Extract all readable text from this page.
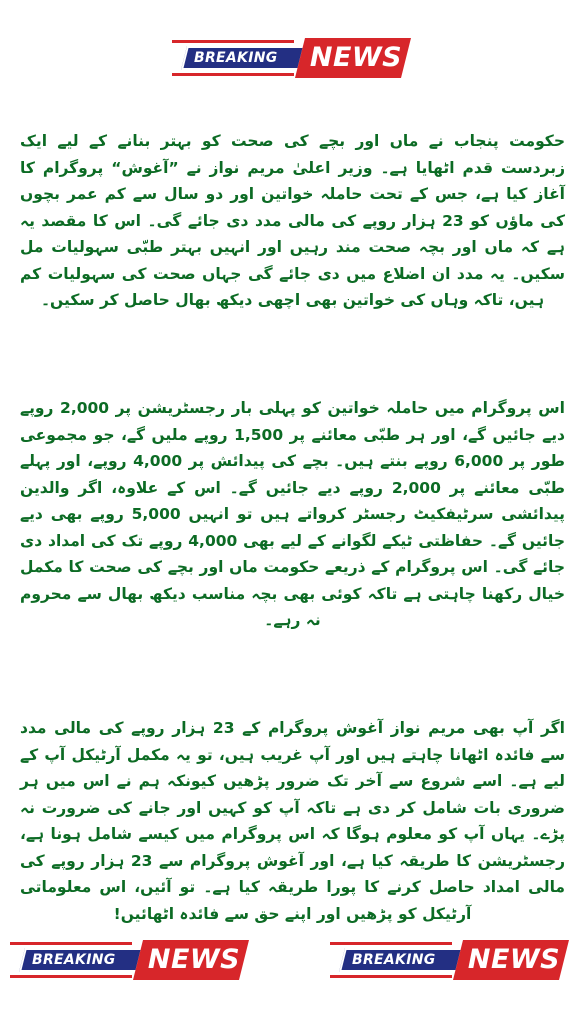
BREAKING	NEWS

حکومت پنجاب نے ماں اور بچے کی صحت کو بہتر بنانے کے لیے ایک زبردست قدم اٹھایا ہے۔ وزیر اعلیٰ مریم نواز نے ”آغوش“ پروگرام کا آغاز کیا ہے، جس کے تحت حاملہ خواتین اور دو سال سے کم عمر بچوں کی ماؤں کو 23 ہزار روپے کی مالی مدد دی جائے گی۔ اس کا مقصد یہ ہے کہ ماں اور بچہ صحت مند رہیں اور انہیں بہتر طبّی سہولیات مل سکیں۔ یہ مدد ان اضلاع میں دی جائے گی جہاں صحت کی سہولیات کم ہیں، تاکہ وہاں کی خواتین بھی اچھی دیکھ بھال حاصل کر سکیں۔

اس پروگرام میں حاملہ خواتین کو پہلی بار رجسٹریشن پر 2,000 روپے دیے جائیں گے، اور ہر طبّی معائنے پر 1,500 روپے ملیں گے، جو مجموعی طور پر 6,000 روپے بنتے ہیں۔ بچے کی پیدائش پر 4,000 روپے، اور پہلے طبّی معائنے پر 2,000 روپے دیے جائیں گے۔ اس کے علاوہ، اگر والدین پیدائشی سرٹیفکیٹ رجسٹر کرواتے ہیں تو انہیں 5,000 روپے بھی دیے جائیں گے۔ حفاظتی ٹیکے لگوانے کے لیے بھی 4,000 روپے تک کی امداد دی جائے گی۔ اس پروگرام کے ذریعے حکومت ماں اور بچے کی صحت کا مکمل خیال رکھنا چاہتی ہے تاکہ کوئی بھی بچہ مناسب دیکھ بھال سے محروم نہ رہے۔

اگر آپ بھی مریم نواز آغوش پروگرام کے 23 ہزار روپے کی مالی مدد سے فائدہ اٹھانا چاہتے ہیں اور آپ غریب ہیں، تو یہ مکمل آرٹیکل آپ کے لیے ہے۔ اسے شروع سے آخر تک ضرور پڑھیں کیونکہ ہم نے اس میں ہر ضروری بات شامل کر دی ہے تاکہ آپ کو کہیں اور جانے کی ضرورت نہ پڑے۔ یہاں آپ کو معلوم ہوگا کہ اس پروگرام میں کیسے شامل ہونا ہے، رجسٹریشن کا طریقہ کیا ہے، اور آغوش پروگرام سے 23 ہزار روپے کی مالی امداد حاصل کرنے کا پورا طریقہ کیا ہے۔ تو آئیں، اس معلوماتی آرٹیکل کو پڑھیں اور اپنے حق سے فائدہ اٹھائیں!

BREAKING	NEWS	BREAKING	NEWS
